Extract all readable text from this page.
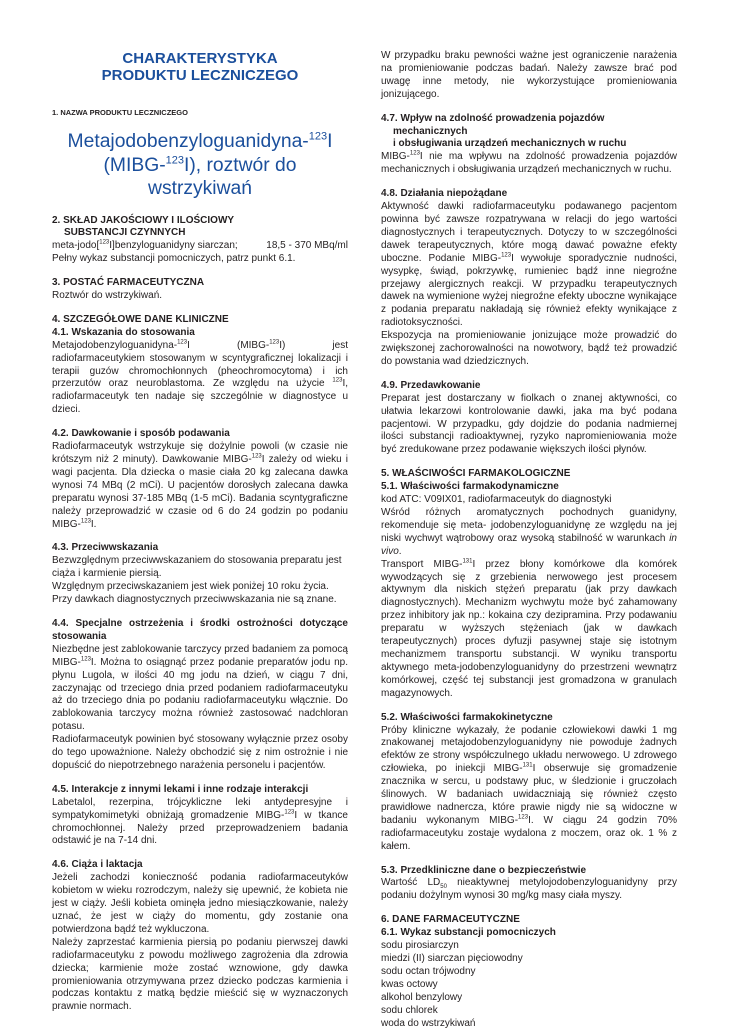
CHARAKTERYSTYKA
PRODUKTU LECZNICZEGO

1. NAZWA PRODUKTU LECZNICZEGO

Metajodobenzyloguanidyna-$^{123}$I
(MIBG-$^{123}$I), roztwór do wstrzykiwań

2. SKŁAD JAKOŚCIOWY I ILOŚCIOWY
SUBSTANCJI CZYNNYCH

meta-jodo[$^{123}$I]benzyloguanidyny siarczan;	18,5 - 370 MBq/ml

Pełny wykaz substancji pomocniczych, patrz punkt 6.1.

3. POSTAĆ FARMACEUTYCZNA

Roztwór do wstrzykiwań.

4. SZCZEGÓŁOWE DANE KLINICZNE

4.1. Wskazania do stosowania

Metajodobenzyloguanidyna-$^{123}$I (MIBG-$^{123}$I) jest radiofarmaceutykiem stosowanym w scyntygraficznej lokalizacji i terapii guzów chromochłonnych (pheochromocytoma) i ich przerzutów oraz neuroblastoma. Ze względu na użycie $^{123}$I, radiofarmaceutyk ten nadaje się szczególnie w diagnostyce u dzieci.

4.2. Dawkowanie i sposób podawania

Radiofarmaceutyk wstrzykuje się dożylnie powoli (w czasie nie krótszym niż 2 minuty). Dawkowanie MIBG-$^{123}$I zależy od wieku i wagi pacjenta. Dla dziecka o masie ciała 20 kg zalecana dawka wynosi 74 MBq (2 mCi). U pacjentów dorosłych zalecana dawka preparatu wynosi 37-185 MBq (1-5 mCi). Badania scyntygraficzne należy przeprowadzić w czasie od 6 do 24 godzin po podaniu MIBG-$^{123}$I.

4.3. Przeciwwskazania

Bezwzględnym przeciwwskazaniem do stosowania preparatu jest ciąża i karmienie piersią.

Względnym przeciwskazaniem jest wiek poniżej 10 roku życia.

Przy dawkach diagnostycznych przeciwwskazania nie są znane.

4.4. Specjalne ostrzeżenia i środki ostrożności dotyczące stosowania

Niezbędne jest zablokowanie tarczycy przed badaniem za pomocą MIBG-$^{123}$I. Można to osiągnąć przez podanie preparatów jodu np. płynu Lugola, w ilości 40 mg jodu na dzień, w ciągu 7 dni, zaczynając od trzeciego dnia przed podaniem radiofarmaceutyku aż do trzeciego dnia po podaniu radiofarmaceutyku włącznie. Do zablokowania tarczycy można również zastosować nadchloran potasu.

Radiofarmaceutyk powinien być stosowany wyłącznie przez osoby do tego upoważnione. Należy obchodzić się z nim ostrożnie i nie dopuścić do niepotrzebnego narażenia personelu i pacjentów.

4.5. Interakcje z innymi lekami i inne rodzaje interakcji

Labetalol, rezerpina, trójcykliczne leki antydepresyjne i sympatykomimetyki obniżają gromadzenie MIBG-$^{123}$I w tkance chromochłonnej. Należy przed przeprowadzeniem badania odstawić je na 7-14 dni.

4.6. Ciąża i laktacja

Jeżeli zachodzi konieczność podania radiofarmaceutyków kobietom w wieku rozrodczym, należy się upewnić, że kobieta nie jest w ciąży. Jeśli kobieta ominęła jedno miesiączkowanie, należy uznać, że jest w ciąży do momentu, gdy zostanie ona potwierdzona bądź też wykluczona.

Należy zaprzestać karmienia piersią po podaniu pierwszej dawki radiofarmaceutyku z powodu możliwego zagrożenia dla zdrowia dziecka; karmienie może zostać wznowione, gdy dawka promieniowania otrzymywana przez dziecko podczas karmienia i podczas kontaktu z matką będzie mieścić się w wyznaczonych prawnie normach.

W przypadku braku pewności ważne jest ograniczenie narażenia na promieniowanie podczas badań. Należy zawsze brać pod uwagę inne metody, nie wykorzystujące promieniowania jonizującego.

4.7. Wpływ na zdolność prowadzenia pojazdów
mechanicznych
i obsługiwania urządzeń mechanicznych w ruchu

MIBG-$^{123}$I nie ma wpływu na zdolność prowadzenia pojazdów mechanicznych i obsługiwania urządzeń mechanicznych w ruchu.

4.8. Działania niepożądane

Aktywność dawki radiofarmaceutyku podawanego pacjentom powinna być zawsze rozpatrywana w relacji do jego wartości diagnostycznych i terapeutycznych. Dotyczy to w szczególności dawek terapeutycznych, które mogą dawać poważne efekty uboczne. Podanie MIBG-$^{123}$I wywołuje sporadycznie nudności, wysypkę, świąd, pokrzywkę, rumieniec bądź inne niegroźne przejawy alergicznych reakcji. W przypadku terapeutycznych dawek na wymienione wyżej niegroźne efekty uboczne wynikające z podania preparatu nakładają się również efekty wynikające z radiotoksyczności.

Ekspozycja na promieniowanie jonizujące może prowadzić do zwiększonej zachorowalności na nowotwory, bądź też prowadzić do powstania wad dziedzicznych.

4.9. Przedawkowanie

Preparat jest dostarczany w fiolkach o znanej aktywności, co ułatwia lekarzowi kontrolowanie dawki, jaka ma być podana pacjentowi. W przypadku, gdy dojdzie do podania nadmiernej ilości substancji radioaktywnej, ryzyko napromieniowania może być zredukowane przez podawanie większych ilości płynów.

5. WŁAŚCIWOŚCI FARMAKOLOGICZNE

5.1. Właściwości farmakodynamiczne

kod ATC: V09IX01, radiofarmaceutyk do diagnostyki

Wśród różnych aromatycznych pochodnych guanidyny, rekomenduje się meta- jodobenzyloguanidynę ze względu na jej niski wychwyt wątrobowy oraz wysoką stabilność w warunkach in vivo.

Transport MIBG-$^{131}$I przez błony komórkowe dla komórek wywodzących się z grzebienia nerwowego jest procesem aktywnym dla niskich stężeń preparatu (jak przy dawkach diagnostycznych). Mechanizm wychwytu może być zahamowany przez inhibitory jak np.: kokaina czy dezipramina. Przy podawaniu preparatu w wyższych stężeniach (jak w dawkach terapeutycznych) proces dyfuzji pasywnej staje się istotnym mechanizmem transportu substancji. W wyniku transportu aktywnego meta-jodobenzyloguanidyny do przestrzeni wewnątrz komórkowej, część tej substancji jest gromadzona w granulach magazynowych.

5.2. Właściwości farmakokinetyczne

Próby kliniczne wykazały, że podanie człowiekowi dawki 1 mg znakowanej metajodobenzyloguanidyny nie powoduje żadnych efektów ze strony współczulnego układu nerwowego. U zdrowego człowieka, po iniekcji MIBG-$^{131}$I obserwuje się gromadzenie znacznika w sercu, u podstawy płuc, w śledzionie i gruczołach ślinowych. W badaniach uwidaczniają się również często prawidłowe nadnercza, które prawie nigdy nie są widoczne w badaniu wykonanym MIBG-$^{123}$I. W ciągu 24 godzin 70% radiofarmaceutyku zostaje wydalona z moczem, oraz ok. 1 % z kałem.

5.3. Przedkliniczne dane o bezpieczeństwie

Wartość $LD_{50}$ nieaktywnej metylojodobenzyloguanidyny przy podaniu dożylnym wynosi 30 mg/kg masy ciała myszy.

6. DANE FARMACEUTYCZNE

6.1. Wykaz substancji pomocniczych

sodu pirosiarczyn

miedzi (II) siarczan pięciowodny

sodu octan trójwodny

kwas octowy

alkohol benzylowy

sodu chlorek

woda do wstrzykiwań
